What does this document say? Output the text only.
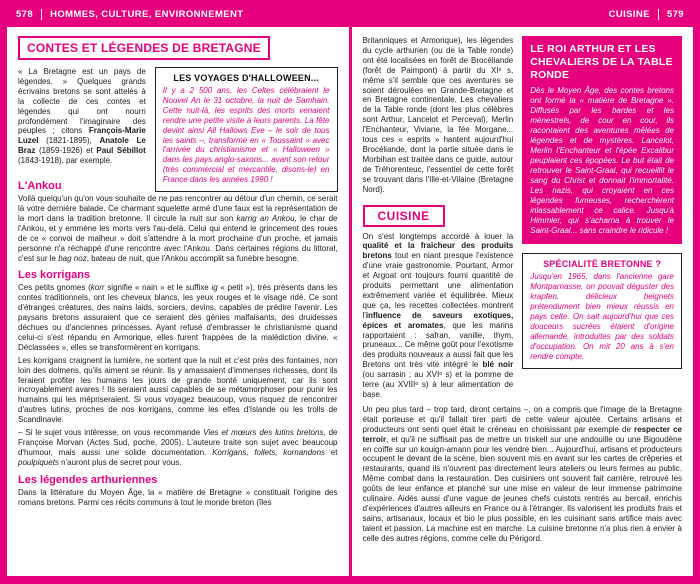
578 HOMMES, CULTURE, ENVIRONNEMENT	CUISINE 579
CONTES ET LÉGENDES DE BRETAGNE

« La Bretagne est un pays de légendes. » Quelques grands écrivains bretons se sont attelés à la collecte de ces contes et légendes qui ont nourri profondément l'imaginaire des peuples ; citons François-Marie Luzel (1821-1895), Anatole Le Braz (1859-1926) et Paul Sébillot (1843-1918), par exemple.

L'Ankou
LES VOYAGES D'HALLOWEEN...
Il y a 2 500 ans, les Celtes célébraient le Nouvel An le 31 octobre, la nuit de Samhain. Cette nuit-là, les esprits des morts venaient rendre une petite visite à leurs parents. La fête devint ainsi All Hallows Eve – le soir de tous les saints –, transformé en « Toussaint » avec l'arrivée du christianisme et « Halloween » dans les pays anglo-saxons... avant son retour (très commercial et mercantile, disons-le) en France dans les années 1990 !

Voilà quelqu'un qu'on vous souhaite de ne pas rencontrer au détour d'un chemin, ce serait là votre dernière balade. Ce charmant squelette armé d'une faux est la représentation de la mort dans la tradition bretonne. Il circule la nuit sur son karrig an Ankou, le char de l'Ankou, et y emmène les morts vers l'au-delà. Celui qui entend le grincement des roues de ce « convoi de malheur » doit s'attendre à la mort prochaine d'un proche, et jamais personne n'a réchappé d'une rencontre avec l'Ankou. Dans certaines régions du littoral, c'est sur le bag noz, bateau de nuit, que l'Ankou accomplit sa funèbre besogne.

Les korrigans

Ces petits gnomes (korr signifie « nain » et le suffixe ig « petit »), très présents dans les contes traditionnels, ont les cheveux blancs, les yeux rouges et le visage ridé. Ce sont d'étranges créatures, des nains laids, sorciers, devins, capables de prédire l'avenir. Les paysans bretons assuraient que ce seraient des génies malfaisants, des druidesses déchues ou d'anciennes princesses. Ayant refusé d'embrasser le christianisme quand celui-ci s'est répandu en Armorique, elles furent frappées de la malédiction divine. « Déclassées », elles se transformèrent en korrigans.

Les korrigans craignent la lumière, ne sortent que la nuit et c'est près des fontaines, non loin des dolmens, qu'ils aiment se réunir. Ils y amassaient d'immenses richesses, dont ils feraient profiter les humains les jours de grande bonté uniquement, car ils sont incroyablement avares ! Ils seraient aussi capables de se métamorphoser pour punir les humains qui les mépriseraient. Si vous voyagez beaucoup, vous risquez de rencontrer d'autres lutins, proches de nos korrigans, comme les elfes d'Islande ou les trolls de Scandinavie.

– Si le sujet vous intéresse, on vous recommande Vies et mœurs des lutins bretons, de Françoise Morvan (Actes Sud, poche, 2005). L'auteure traite son sujet avec beaucoup d'humour, mais aussi une solide documentation. Korrigans, follets, kornandons et poulpiquets n'auront plus de secret pour vous.

Les légendes arthuriennes

Dans la littérature du Moyen Âge, la « matière de Bretagne » constituait l'origine des romans bretons. Parmi ces récits communs à tout le monde breton (îles

Britanniques et Armorique), les légendes du cycle arthurien (ou de la Table ronde) ont été localisées en forêt de Brocéliande (forêt de Paimpont) à partir du XIᵉ s, même s'il semble que ces aventures se soient déroulées en Grande-Bretagne et en Bretagne continentale. Les chevaliers de la Table ronde (dont les plus célèbres sont Arthur, Lancelot et Perceval), Merlin l'Enchanteur, Viviane, la fée Morgane... tous ces « esprits » hantent aujourd'hui Brocéliande, dont la partie située dans le Morbihan est traitée dans ce guide, autour de Tréhorenteuc, l'essentiel de cette forêt se trouvant dans l'Ille-et-Vilaine (Bretagne Nord).

CUISINE

On s'est longtemps accordé à louer la qualité et la fraîcheur des produits bretons tout en niant presque l'existence d'une vraie gastronomie. Pourtant, Armor et Argoat ont toujours fourni quantité de produits permettant une alimentation extrêmement variée et équilibrée. Mieux que ça, les recettes collectées montrent l'influence de saveurs exotiques, épices et aromates, que les marins rapportaient : safran, vanille, thym, pruneaux... Ce même goût pour l'exotisme des produits nouveaux a aussi fait que les Bretons ont très vite intégré le blé noir (ou sarrasin ; au XVIᵉ s) et la pomme de terre (au XVIIIᵉ s) à leur alimentation de base.

LE ROI ARTHUR ET LES CHEVALIERS DE LA TABLE RONDE
Dès le Moyen Âge, des contes bretons ont formé la « matière de Bretagne ». Diffusés par les bardes et les ménestrels, de cour en cour, ils racontaient des aventures mêlées de légendes et de mystères. Lancelot, Merlin l'Enchanteur et l'épée Excalibur peuplaient ces épopées. Le but était de retrouver le Saint-Graal, qui recueillit le sang du Christ et donnait l'immortalité. Les nazis, qui croyaient en ces légendes fumeuses, recherchèrent inlassablement ce calice. Jusqu'à Himmler, qui s'acharna à trouver le Saint-Graal... sans craindre le ridicule !
SPÉCIALITÉ BRETONNE ?
Jusqu'en 1965, dans l'ancienne gare Montparnasse, on pouvait déguster des krapfen, délicieux beignets prétendument bien mieux réussis en pays celte. On sait aujourd'hui que ces douceurs sucrées étaient d'origine allemande, introduites par des soldats d'occupation. On mit 20 ans à s'en rendre compte.

Un peu plus tard – trop tard, diront certains –, on a compris que l'image de la Bretagne était porteuse et qu'il fallait tirer parti de cette valeur ajoutée. Certains artisans et producteurs ont senti quel était le créneau en choisissant par exemple de respecter ce terroir, et qu'il ne suffisait pas de mettre un triskell sur une andouille ou une Bigoudène en coiffe sur un kouign-amann pour les vendre bien... Aujourd'hui, artisans et producteurs occupent le devant de la scène, bien souvent mis en avant sur les cartes de crêperies et restaurants, quand ils n'ouvrent pas directement leurs ateliers ou leurs fermes au public. Même combat dans la restauration. Des cuisiniers ont souvent fait carrière, retrouvé les goûts de leur enfance et planché sur une mise en valeur de leur immense patrimoine culinaire. Aidés aussi d'une vague de jeunes chefs cuistots rentrés au bercail, enrichis d'expériences d'autres ailleurs en France ou à l'étranger. Ils valorisent les produits frais et sains, artisanaux, locaux et bio le plus possible, en les cuisinant sans artifice mais avec talent et passion. La machine est en marche. La cuisine bretonne n'a plus rien à envier à celle des autres régions, comme celle du Périgord.
